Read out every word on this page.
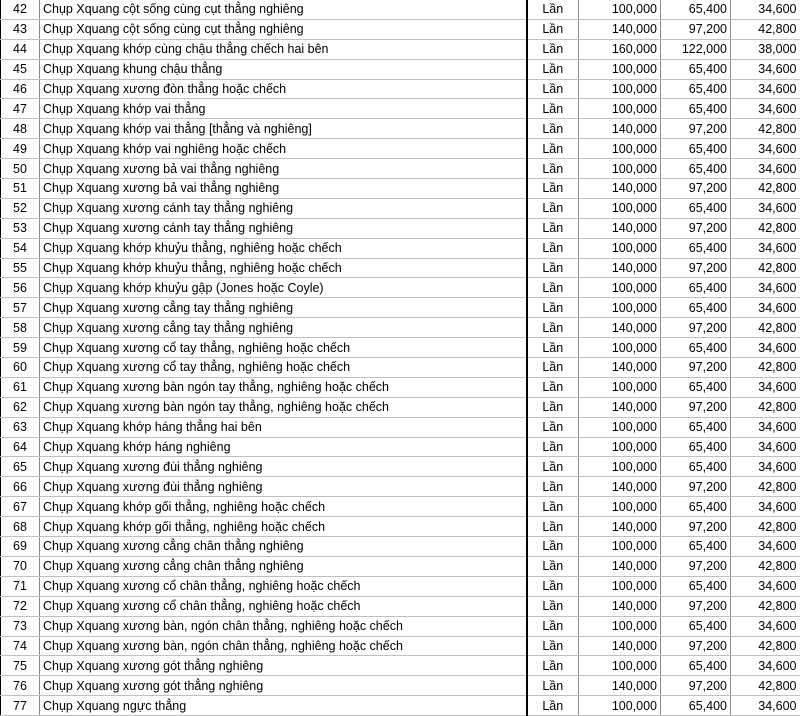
42	Chụp Xquang cột sống cùng cụt thẳng nghiêng	Lần	100,000	65,400	34,600
43	Chụp Xquang cột sống cùng cụt thẳng nghiêng	Lần	140,000	97,200	42,800
44	Chụp Xquang khớp cùng chậu thẳng chếch hai bên	Lần	160,000	122,000	38,000
45	Chụp Xquang khung chậu thẳng	Lần	100,000	65,400	34,600
46	Chụp Xquang xương đòn thẳng hoặc chếch	Lần	100,000	65,400	34,600
47	Chụp Xquang khớp vai thẳng	Lần	100,000	65,400	34,600
48	Chụp Xquang khớp vai thẳng [thẳng và nghiêng]	Lần	140,000	97,200	42,800
49	Chụp Xquang khớp vai nghiêng hoặc chếch	Lần	100,000	65,400	34,600
50	Chụp Xquang xương bả vai thẳng nghiêng	Lần	100,000	65,400	34,600
51	Chụp Xquang xương bả vai thẳng nghiêng	Lần	140,000	97,200	42,800
52	Chụp Xquang xương cánh tay thẳng nghiêng	Lần	100,000	65,400	34,600
53	Chụp Xquang xương cánh tay thẳng nghiêng	Lần	140,000	97,200	42,800
54	Chụp Xquang khớp khuỷu thẳng, nghiêng hoặc chếch	Lần	100,000	65,400	34,600
55	Chụp Xquang khớp khuỷu thẳng, nghiêng hoặc chếch	Lần	140,000	97,200	42,800
56	Chụp Xquang khớp khuỷu gập (Jones hoặc Coyle)	Lần	100,000	65,400	34,600
57	Chụp Xquang xương cẳng tay thẳng nghiêng	Lần	100,000	65,400	34,600
58	Chụp Xquang xương cẳng tay thẳng nghiêng	Lần	140,000	97,200	42,800
59	Chụp Xquang xương cổ tay thẳng, nghiêng hoặc chếch	Lần	100,000	65,400	34,600
60	Chụp Xquang xương cổ tay thẳng, nghiêng hoặc chếch	Lần	140,000	97,200	42,800
61	Chụp Xquang xương bàn ngón tay thẳng, nghiêng hoặc chếch	Lần	100,000	65,400	34,600
62	Chụp Xquang xương bàn ngón tay thẳng, nghiêng hoặc chếch	Lần	140,000	97,200	42,800
63	Chụp Xquang khớp háng thẳng hai bên	Lần	100,000	65,400	34,600
64	Chụp Xquang khớp háng nghiêng	Lần	100,000	65,400	34,600
65	Chụp Xquang xương đùi thẳng nghiêng	Lần	100,000	65,400	34,600
66	Chụp Xquang xương đùi thẳng nghiêng	Lần	140,000	97,200	42,800
67	Chụp Xquang khớp gối thẳng, nghiêng hoặc chếch	Lần	100,000	65,400	34,600
68	Chụp Xquang khớp gối thẳng, nghiêng hoặc chếch	Lần	140,000	97,200	42,800
69	Chụp Xquang xương cẳng chân thẳng nghiêng	Lần	100,000	65,400	34,600
70	Chụp Xquang xương cẳng chân thẳng nghiêng	Lần	140,000	97,200	42,800
71	Chụp Xquang xương cổ chân thẳng, nghiêng hoặc chếch	Lần	100,000	65,400	34,600
72	Chụp Xquang xương cổ chân thẳng, nghiêng hoặc chếch	Lần	140,000	97,200	42,800
73	Chụp Xquang xương bàn, ngón chân thẳng, nghiêng hoặc chếch	Lần	100,000	65,400	34,600
74	Chụp Xquang xương bàn, ngón chân thẳng, nghiêng hoặc chếch	Lần	140,000	97,200	42,800
75	Chụp Xquang xương gót thẳng nghiêng	Lần	100,000	65,400	34,600
76	Chụp Xquang xương gót thẳng nghiêng	Lần	140,000	97,200	42,800
77	Chụp Xquang ngực thẳng	Lần	100,000	65,400	34,600
